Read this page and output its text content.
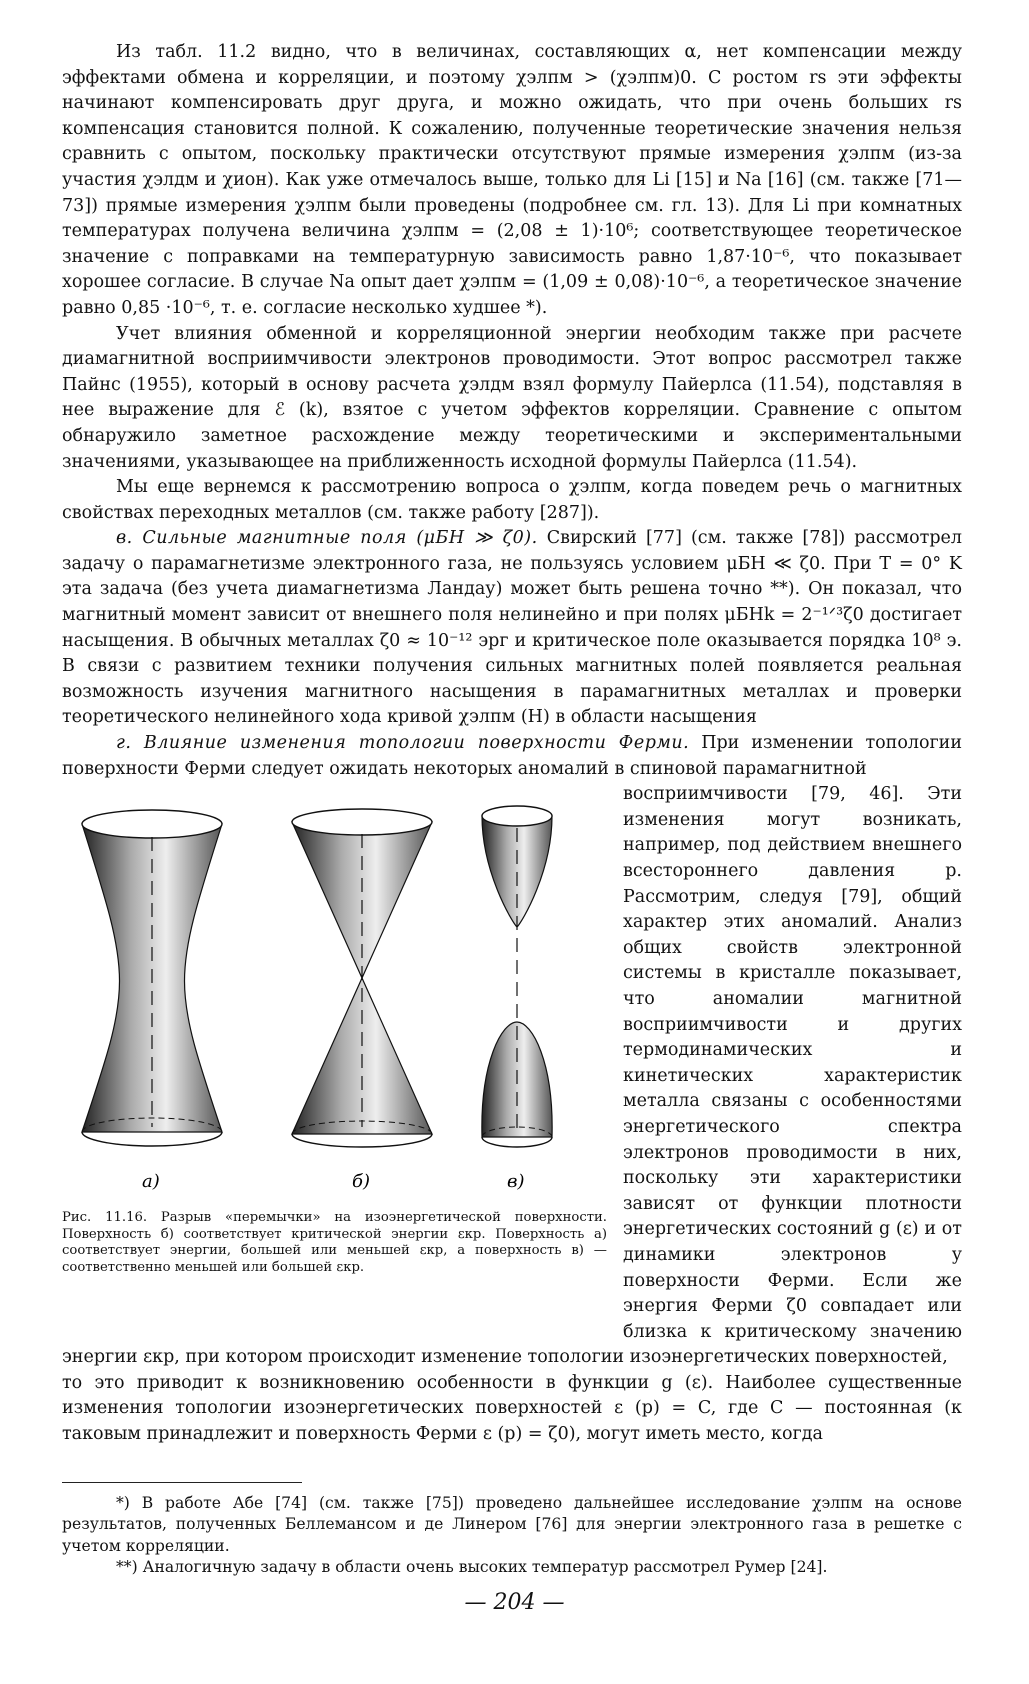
Из табл. 11.2 видно, что в величинах, составляющих α, нет компенсации между эффектами обмена и корреляции, и поэтому χэлпм > (χэлпм)0. С ростом rs эти эффекты начинают компенсировать друг друга, и можно ожидать, что при очень больших rs компенсация становится полной. К сожалению, полученные теоретические значения нельзя сравнить с опытом, поскольку практически отсутствуют прямые измерения χэлпм (из-за участия χэлдм и χион). Как уже отмечалось выше, только для Li [15] и Na [16] (см. также [71—73]) прямые измерения χэлпм были проведены (подробнее см. гл. 13). Для Li при комнатных температурах получена величина χэлпм = (2,08 ± 1)·10⁶; соответствующее теоретическое значение с поправками на температурную зависимость равно 1,87·10⁻⁶, что показывает хорошее согласие. В случае Na опыт дает χэлпм = (1,09 ± 0,08)·10⁻⁶, а теоретическое значение равно 0,85 ·10⁻⁶, т. е. согласие несколько худшее *).

Учет влияния обменной и корреляционной энергии необходим также при расчете диамагнитной восприимчивости электронов проводимости. Этот вопрос рассмотрел также Пайнс (1955), который в основу расчета χэлдм взял формулу Пайерлса (11.54), подставляя в нее выражение для ℰ (k), взятое с учетом эффектов корреляции. Сравнение с опытом обнаружило заметное расхождение между теоретическими и экспериментальными значениями, указывающее на приближенность исходной формулы Пайерлса (11.54).

Мы еще вернемся к рассмотрению вопроса о χэлпм, когда поведем речь о магнитных свойствах переходных металлов (см. также работу [287]).

в. Сильные магнитные поля (μБH ≫ ζ0). Свирский [77] (см. также [78]) рассмотрел задачу о парамагнетизме электронного газа, не пользуясь условием μБH ≪ ζ0. При T = 0° K эта задача (без учета диамагнетизма Ландау) может быть решена точно **). Он показал, что магнитный момент зависит от внешнего поля нелинейно и при полях μБHk = 2⁻¹ᐟ³ζ0 достигает насыщения. В обычных металлах ζ0 ≈ 10⁻¹² эрг и критическое поле оказывается порядка 10⁸ э. В связи с развитием техники получения сильных магнитных полей появляется реальная возможность изучения магнитного насыщения в парамагнитных металлах и проверки теоретического нелинейного хода кривой χэлпм (H) в области насыщения

г. Влияние изменения топологии поверхности Ферми. При изменении топологии поверхности Ферми следует ожидать некоторых аномалий в спиновой парамагнитной

а)	б)	в)

Рис. 11.16. Разрыв «перемычки» на изоэнергетической поверхности. Поверхность б) соответствует критической энергии εкр. Поверхность а) соответствует энергии, большей или меньшей εкр, а поверхность в) — соответственно меньшей или большей εкр.

восприимчивости [79, 46]. Эти изменения могут возникать, например, под действием внешнего всестороннего давления p. Рассмотрим, следуя [79], общий характер этих аномалий. Анализ общих свойств электронной системы в кристалле показывает, что аномалии магнитной восприимчивости и других термодинамических и кинетических характеристик металла связаны с особенностями энергетического спектра электронов проводимости в них, поскольку эти характеристики зависят от функции плотности энергетических состояний g (ε) и от динамики электронов у поверхности Ферми. Если же энергия Ферми ζ0 совпадает или близка к критическому значению энергии εкр, при котором происходит изменение топологии изоэнергетических поверхностей,

то это приводит к возникновению особенности в функции g (ε). Наиболее существенные изменения топологии изоэнергетических поверхностей ε (p) = C, где C — постоянная (к таковым принадлежит и поверхность Ферми ε (p) = ζ0), могут иметь место, когда

*) В работе Абе [74] (см. также [75]) проведено дальнейшее исследование χэлпм на основе результатов, полученных Беллемансом и де Линером [76] для энергии электронного газа в решетке с учетом корреляции.

**) Аналогичную задачу в области очень высоких температур рассмотрел Румер [24].

— 204 —
